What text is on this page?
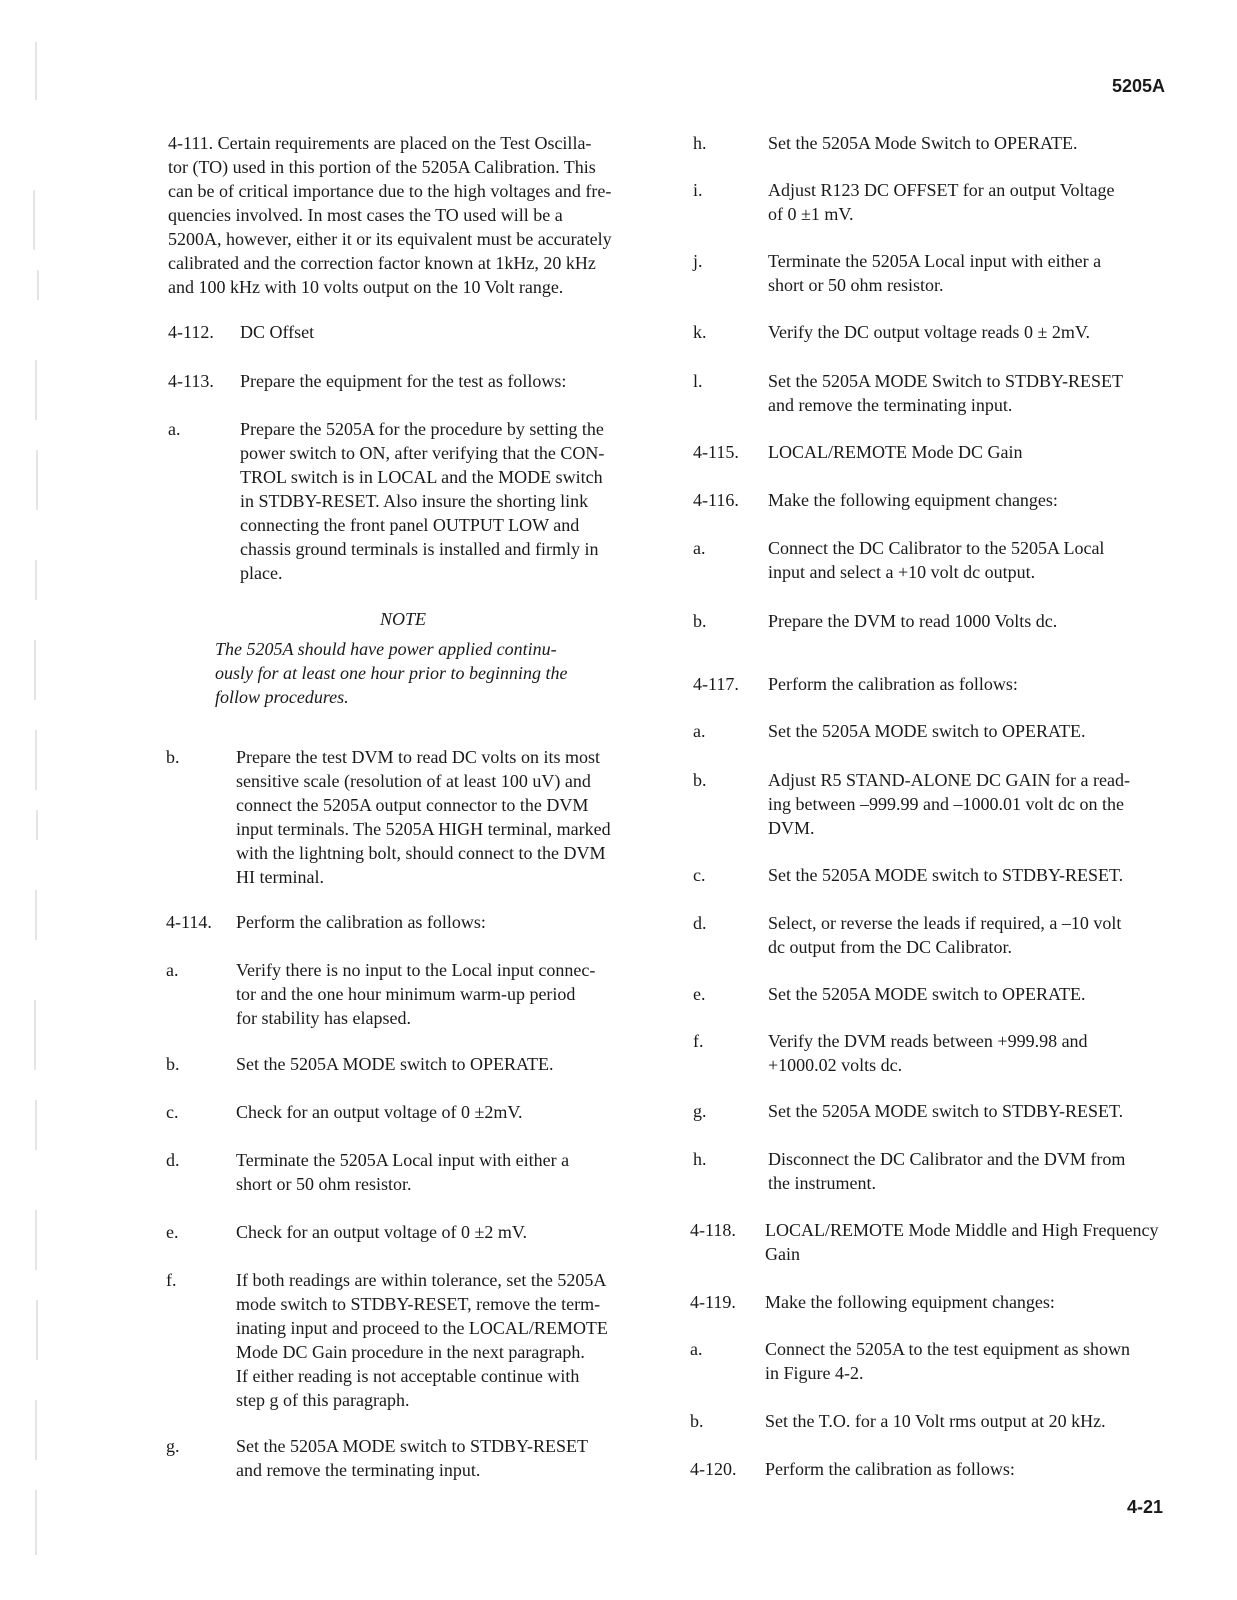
5205A
4-21
4-111. Certain requirements are placed on the Test Oscilla-
tor (TO) used in this portion of the 5205A Calibration. This
can be of critical importance due to the high voltages and fre-
quencies involved. In most cases the TO used will be a
5200A, however, either it or its equivalent must be accurately
calibrated and the correction factor known at 1kHz, 20 kHz
and 100 kHz with 10 volts output on the 10 Volt range.
4-112. DC Offset
4-113. Prepare the equipment for the test as follows:
a.	Prepare the 5205A for the procedure by setting the
power switch to ON, after verifying that the CON-
TROL switch is in LOCAL and the MODE switch
in STDBY-RESET. Also insure the shorting link
connecting the front panel OUTPUT LOW and
chassis ground terminals is installed and firmly in
place.
NOTE
The 5205A should have power applied continu-
ously for at least one hour prior to beginning the
follow procedures.
b.	Prepare the test DVM to read DC volts on its most
sensitive scale (resolution of at least 100 uV) and
connect the 5205A output connector to the DVM
input terminals. The 5205A HIGH terminal, marked
with the lightning bolt, should connect to the DVM
HI terminal.
4-114. Perform the calibration as follows:
a.	Verify there is no input to the Local input connec-
tor and the one hour minimum warm-up period
for stability has elapsed.
b.	Set the 5205A MODE switch to OPERATE.
c.	Check for an output voltage of 0 ±2mV.
d.	Terminate the 5205A Local input with either a
short or 50 ohm resistor.
e.	Check for an output voltage of 0 ±2 mV.
f.	If both readings are within tolerance, set the 5205A
mode switch to STDBY-RESET, remove the term-
inating input and proceed to the LOCAL/REMOTE
Mode DC Gain procedure in the next paragraph.
If either reading is not acceptable continue with
step g of this paragraph.
g.	Set the 5205A MODE switch to STDBY-RESET
and remove the terminating input.
h.	Set the 5205A Mode Switch to OPERATE.
i.	Adjust R123 DC OFFSET for an output Voltage
of 0 ±1 mV.
j.	Terminate the 5205A Local input with either a
short or 50 ohm resistor.
k.	Verify the DC output voltage reads 0 ± 2mV.
l.	Set the 5205A MODE Switch to STDBY-RESET
and remove the terminating input.
4-115. LOCAL/REMOTE Mode DC Gain
4-116. Make the following equipment changes:
a.	Connect the DC Calibrator to the 5205A Local
input and select a +10 volt dc output.
b.	Prepare the DVM to read 1000 Volts dc.
4-117. Perform the calibration as follows:
a.	Set the 5205A MODE switch to OPERATE.
b.	Adjust R5 STAND-ALONE DC GAIN for a read-
ing between –999.99 and –1000.01 volt dc on the
DVM.
c.	Set the 5205A MODE switch to STDBY-RESET.
d.	Select, or reverse the leads if required, a –10 volt
dc output from the DC Calibrator.
e.	Set the 5205A MODE switch to OPERATE.
f.	Verify the DVM reads between +999.98 and
+1000.02 volts dc.
g.	Set the 5205A MODE switch to STDBY-RESET.
h.	Disconnect the DC Calibrator and the DVM from
the instrument.
4-118. LOCAL/REMOTE Mode Middle and High Frequency
Gain
4-119. Make the following equipment changes:
a.	Connect the 5205A to the test equipment as shown
in Figure 4-2.
b.	Set the T.O. for a 10 Volt rms output at 20 kHz.
4-120. Perform the calibration as follows:
